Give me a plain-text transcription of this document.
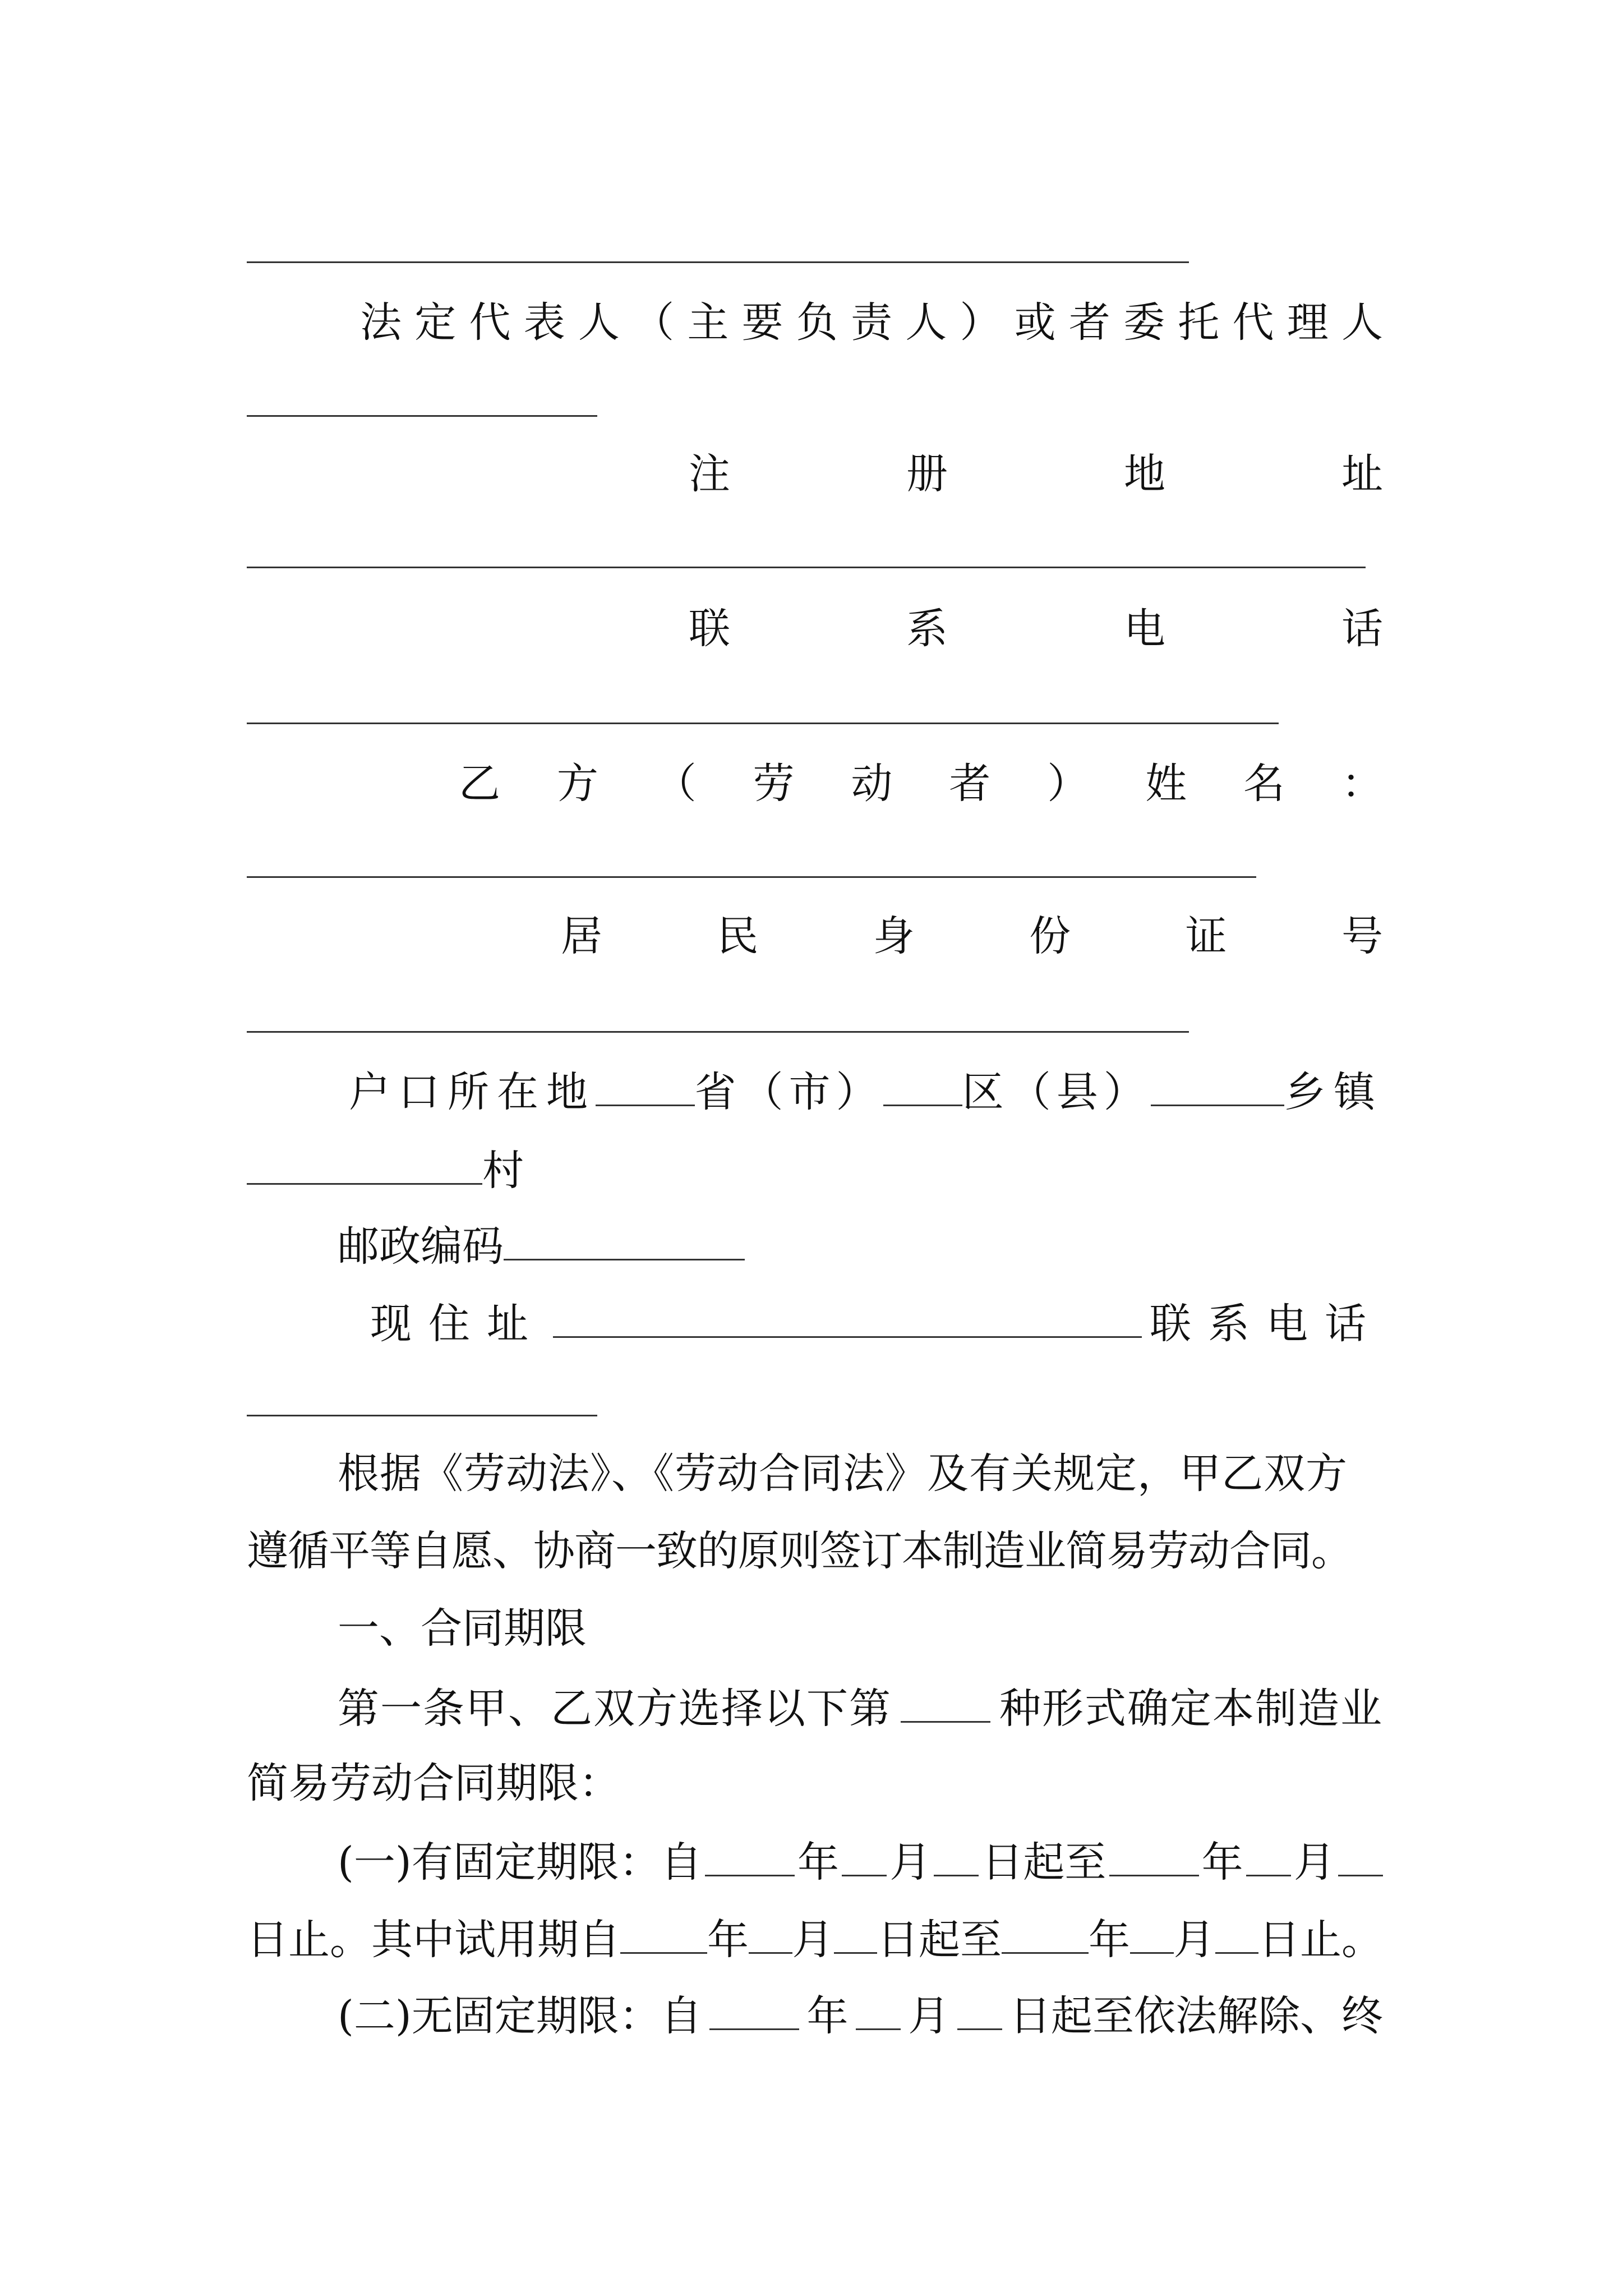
法 定 代 表 人 （ 主 要 负 责 人 ） 或 者 委 托 代 理 人
注	册	地	址
联	系	电	话
乙 方 （ 劳 动 者 ） 姓 名 ：
居	民	身	份	证	号
户口所在地 省（市） 区（县）	乡镇
村
邮政编码
现住址	联系电话
根据《劳动法》、《劳动合同法》及有关规定，甲乙双方
遵循平等自愿、协商一致的原则签订本制造业简易劳动合同。
一、合同期限
第一条甲、乙双方选择以下第	种形式确定本制造业
简易劳动合同期限：
(一)有固定期限：自 年 月 日起至 年 月
日 止。其中试用期自 年 月 日起至 年 月 日止。
(二)无固定期限：自	年 月 日起至依法解除、终
